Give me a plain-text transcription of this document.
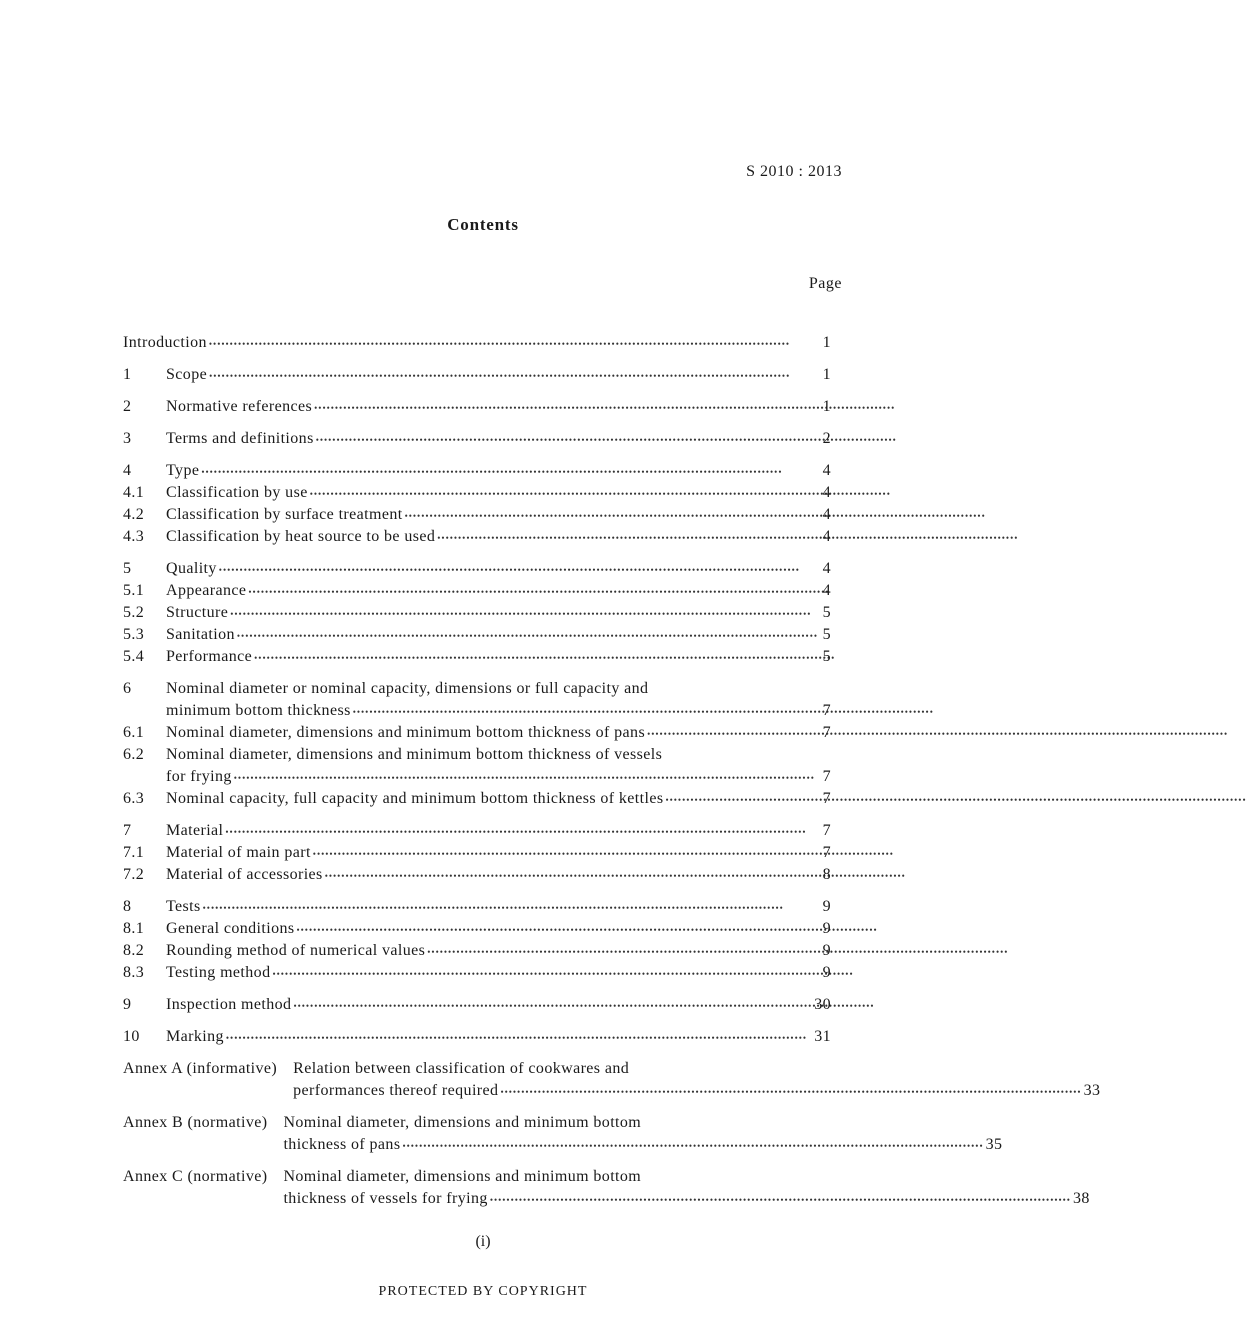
S 2010 : 2013
Contents
Page
Introduction •••••	1
1	Scope •••••	1
2	Normative references •••••	1
3	Terms and definitions •••••	2
4	Type •••••	4
4.1	Classification by use •••••	4
4.2	Classification by surface treatment •••••	4
4.3	Classification by heat source to be used •••••	4
5	Quality •••••	4
5.1	Appearance •••••	4
5.2	Structure •••••	5
5.3	Sanitation •••••	5
5.4	Performance •••••	5
6	Nominal diameter or nominal capacity, dimensions or full capacity and
minimum bottom thickness •••••	7
6.1	Nominal diameter, dimensions and minimum bottom thickness of pans •••••	7
6.2	Nominal diameter, dimensions and minimum bottom thickness of vessels
for frying •••••	7
6.3	Nominal capacity, full capacity and minimum bottom thickness of kettles •••••	7
7	Material •••••	7
7.1	Material of main part •••••	7
7.2	Material of accessories •••••	8
8	Tests •••••	9
8.1	General conditions •••••	9
8.2	Rounding method of numerical values •••••	9
8.3	Testing method •••••	9
9	Inspection method •••••	30
10	Marking •••••	31
Annex A (informative)	Relation between classification of cookwares and
performances thereof required •••••	33
Annex B (normative)	Nominal diameter, dimensions and minimum bottom
thickness of pans •••••	35
Annex C (normative)	Nominal diameter, dimensions and minimum bottom
thickness of vessels for frying •••••	38
(i)
PROTECTED BY COPYRIGHT
